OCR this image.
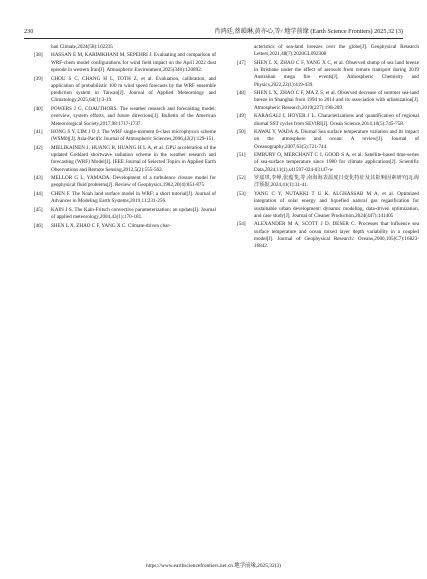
230	肖鸿廷,蔡韻琳,黄亦心,等/ 地学前缘 (Earth Science Frontiers) 2025,32 (3)
ban Climate,2024(58):102235
[38] HASSAN E M, KARIMKHANI M, SEPEHRI J. Evaluating and comparison of WRF-chem model configurations for wind field impact on the April 2022 dust episode in western Iran[J]. Atmospheric Environment,2025(340):120892.
[39] CHOU S C, CHANG H L, TOTH Z, et al. Evaluation, calibration, and application of probabilistic 100 m wind speed forecasts by the WRF ensemble prediction system in Taiwan[J]. Journal of Applied Meteorology and Climatology,2025,64(1):3-19.
[40] POWERS J G, COAUTHORS. The weather research and forecasting model: overview, system efforts, and future directions[J]. Bulletin of the American Meteorological Society,2017,98:1717-1737.
[41] HONG S Y, LIM J O J. The WRF single-moment 6-class microphysics scheme (WSM6)[J]. Asia-Pacific Journal of Atmospheric Sciences,2006,42(2):129-151.
[42] MIELIKAINEN J, HUANG B, HUANG H L A, et al. GPU acceleration of the updated Goddard shortwave radiation scheme in the weather research and forecasting (WRF) Model[J]. IEEE Journal of Selected Topics in Applied Earth Observations and Remote Sensing,2012,5(2):555-562.
[43] MELLOR G L, YAMADA. Development of a turbulence closure model for geophysical fluid problems[J]. Review of Geophysics,1982,20(4):851-875
[44] CHEN F. The Noah land surface model in WRF: a short tutorial[J]. Journal of Advances in Modeling Earth Systems,2019,11:231-256.
[45] KAIN J S. The Kain-Fritsch convective parameterization: an update[J]. Journal of applied meteorology,2004,43(1):170-181.
[46] SHEN L X, ZHAO C F, YANG X C. Climate-driven char-
acteristics of sea-land breezes over the globe[J]. Geophysical Research Letters,2021,48(7):2020GL092308
[47] SHEN L X, ZHAO C F, YANG X C, et al. Observed slump of sea land breeze in Brisbane under the effect of aerosols from remote transport during 2019 Australian mega fire events[J]. Atmospheric Chemistry and Physics,2022,22(1):419-439.
[48] SHEN L X, ZHAO C F, MA Z S, et al. Observed decrease of summer sea-land breeze in Shanghai from 1994 to 2014 and its association with urbanization[J]. Atmospheric Research,2019(227):198-209.
[49] KARAGALI I, HOYER J L. Characterizations and quantification of regional diurnal SST cycles from SEVIRI[J]. Ocean Science,2014,10(5):745-758.
[50] KAWAI Y, WADA A. Diurnal Sea surface temperature variation and its impact on the atmosphere and ocean: A review[J]. Journal of Oceanography,2007,63(5):721-744.
[51] EMBURY O, MERCHANT C J, GOOD S A, et al. Satellite-based time-series of sea-surface temperature since 1980 for climate applications[J]. Scientific Data,2024,11(1),s41597-024-03147-w
[52] 罗嘉琪,李峥,张蕴斐,等.南海海表温度日变化特征及其影响因素研究[J].海洋预报,2024,41(1):31-41.
[53] YANG C Y, NUTAKKI T U K, ALGHASSAB M A, et al. Optimized integration of solar energy and liquefied natural gas regasification for sustainable urban development: dynamic modeling, data-driven optimization, and case study[J]. Journal of Cleaner Production,2024(447):141405
[54] ALEXANDER M A, SCOTT J D, DESER C. Processes that influence sea surface temperature and ocean mixed layer depth variability in a coupled model[J]. Journal of Geophysical Research: Oceans,2000,105(C7):16823-16842.
https://www.earthsciencefrontiers.net.cn 地学前缘,2025,32(3)
